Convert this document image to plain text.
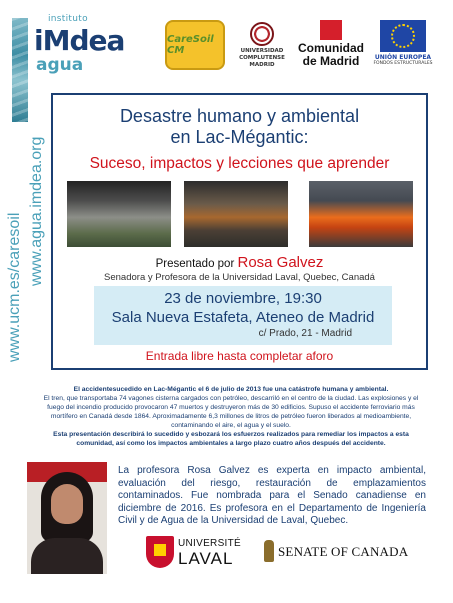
instituto
iMdea
agua
www.agua.imdea.org
www.ucm.es/caresoil
CareSoil CM	UNIVERSIDAD COMPLUTENSE MADRID
Comunidad de Madrid	UNIÓN EUROPEA
FONDOS ESTRUCTURALES
Desastre humano y ambiental
en Lac-Mégantic:
Suceso, impactos y lecciones que aprender
Presentado por Rosa Galvez
Senadora y Profesora de la Universidad Laval, Quebec, Canadá
23 de noviembre, 19:30
Sala Nueva Estafeta, Ateneo de Madrid
c/ Prado, 21 - Madrid
Entrada libre hasta completar aforo

El accidentesucedido en Lac-Mégantic el 6 de julio de 2013 fue una catástrofe humana y ambiental.

El tren, que transportaba 74 vagones cisterna cargados con petróleo, descarriló en el centro de la ciudad. Las explosiones y el fuego del incendio producido provocaron 47 muertos y destruyeron más de 30 edificios. Supuso el accidente ferroviario más mortífero en Canadá desde 1864. Aproximadamente 6,3 millones de litros de petróleo fueron liberados al medioambiente, contaminando el aire, el agua y el suelo.

Esta presentación describirá lo sucedido y esbozará los esfuerzos realizados para remediar los impactos a esta comunidad, así como los impactos ambientales a largo plazo cuatro años después del accidente.

La profesora Rosa Galvez es experta en impacto ambiental, evaluación del riesgo, restauración de emplazamientos contaminados. Fue nombrada para el Senado canadiense en diciembre de 2016. Es profesora en el Departamento de Ingeniería Civil y de Agua de la Universidad de Laval, Quebec.
UNIVERSITÉ
LAVAL	SENATE OF CANADA
